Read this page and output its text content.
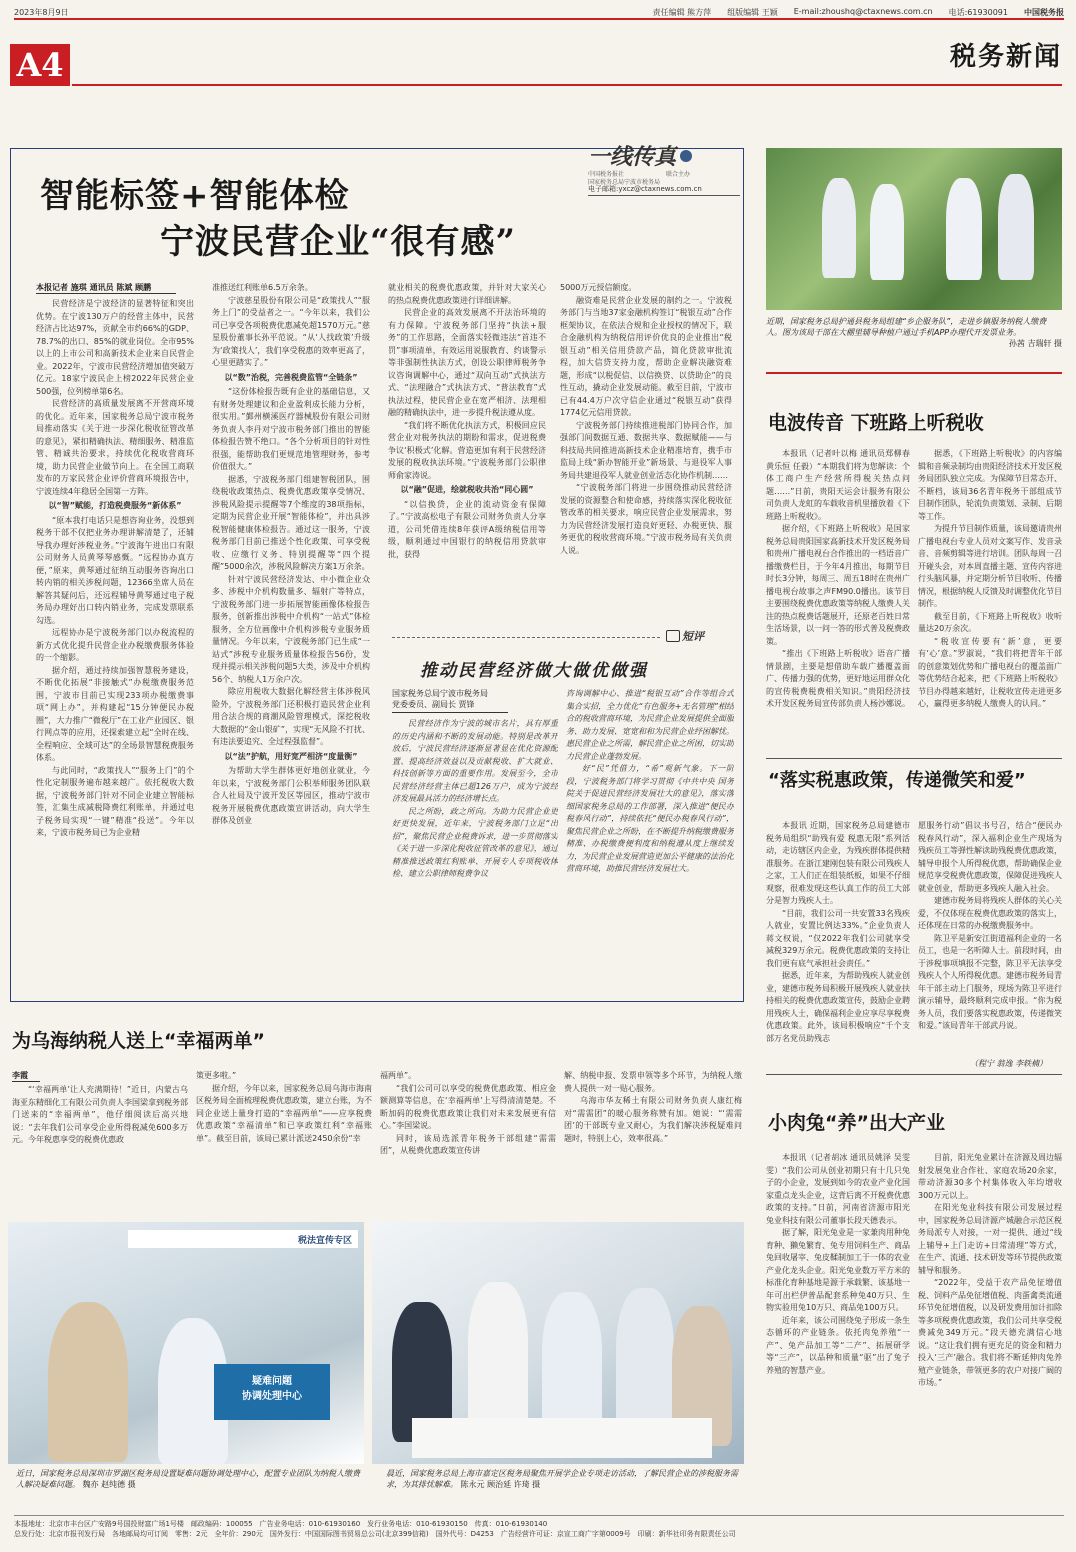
2023年8月9日	责任编辑 熊方萍 组版编辑 王颖 E-mail:zhoushq@ctaxnews.com.cn 电话:61930091 中国税务报
A4	税务新闻
一线传真
中国税务报社
国家税务总局宁波市税务局
联合主办
电子邮箱:yxcz@ctaxnews.com.cn
智能标签+智能体检
宁波民营企业“很有感”
本报记者 施琪 通讯员 陈斌 顾鹏

民营经济是宁波经济的显著特征和突出优势。在宁波130万户的经营主体中，民营经济占比达97%，贡献全市约66%的GDP、78.7%的出口、85%的就业岗位。全市95%以上的上市公司和高新技术企业来自民营企业。2022年，宁波市民营经济增加值突破万亿元。18家宁波民企上榜2022年民营企业500强，位列榜单第6名。

民营经济的高质量发展离不开营商环境的优化。近年来，国家税务总局宁波市税务局推动落实《关于进一步深化税收征管改革的意见》，紧扣精确执法、精细服务、精准监管、精诚共治要求，持续优化税收营商环境，助力民营企业做节向上。在全国工商联发布的万家民营企业评价营商环境报告中，宁波连续4年稳居全国第一方阵。

以“智”赋能，打造税费服务“新体系”

“原本我打电话只是想咨询业务，没想到税务干部不仅把业务办理讲解清楚了，还辅导我办理好涉税业务。”宁波海午进出口有限公司财务人员黄琴琴感慨。“远程协办真方便，”原来，黄琴通过征纳互动服务咨询出口转内销的相关涉税问题，12366坐席人员在解答其疑问后，还远程辅导黄琴通过电子税务局办理好出口转内销业务，完成发票联系勾选。

远程协办是宁波税务部门以办税流程的新方式优化提升民营企业办税缴费服务体验的一个缩影。

据介绍，通过持续加强智慧税务建设，不断优化拓展“非接触式”办税缴费服务范围，宁波市目前已实现233项办税缴费事项“网上办”，并构建起“15分钟便民办税圈”，大力推广“微税厅”在工业产业园区、银行网点等的应用，还探索建立起“全时在线、全程响应、全域可达”的全场景智慧税费服务体系。

与此同时，“政策找人”“服务上门”的个性化定制服务遍布越来越广。依托税收大数据，宁波税务部门针对不同企业建立智能标签，汇集生成减税降费红利账单，并通过电子税务局实现“一键”精准“投送”。今年以来，宁波市税务局已为企业精

准推送红利账单6.5万余条。

宁波慈星股份有限公司是“政策找人”“服务上门”的受益者之一。“今年以来，我们公司已享受各项税费优惠减免超1570万元。”慈星股份董事长孙平范说。“从‘人找政策’升级为‘政策找人’，我们享受税惠的效率更高了，心里更踏实了。”

以“数”治税，完善税费监管“全链条”

“这份体检报告既有企业的基础信息，又有财务处理建议和企业盈利成长能力分析，很实用。”鄞州横溪医疗器械股份有限公司财务负责人李丹对宁波市税务部门推出的智能体检报告赞不绝口。“各个分析项目的针对性很强，能帮助我们更规范地管理财务，参考价值很大。”

据悉，宁波税务部门组建智税团队，围绕税收政策热点、税费优惠政策享受情况、涉税风险提示提醒等7个维度的38项指标，定期为民营企业开展“智能体检”，并出具涉税智能健康体检报告。通过这一服务，宁波税务部门目前已推送个性化政策、可享受税收、应缴行义务、特别提醒等“四个提醒”5000余次，涉税风险解决方案1万余条。

针对宁波民营经济发达、中小微企业众多、涉税中介机构数量多、辐射广等特点，宁波税务部门进一步拓展智能画像体检报告服务，创新推出涉税中介机构“一站式”体检服务，全方位画像中介机构涉税专业服务质量情况。今年以来，宁波税务部门已生成“一站式”涉税专业服务质量体检报告56份，发现并提示相关涉税问题5大类，涉及中介机构56个、纳税人1万余户次。

除应用税收大数据化解经营主体涉税风险外，宁波税务部门还积极打造民营企业利用合法合规的商潮风险管理模式，深挖税收大数据的“金山银矿”，实现“无风险不打扰、有违法要追究、全过程强监督”。

以“法”护航，用好宽严相济“度量衡”

为帮助大学生群体更好地创业就业，今年以来，宁波税务部门公积举师服务团队联合人社局及宁波开发区等园区，推动宁波市税务开展税费优惠政策宣讲活动，向大学生群体及创业

就业相关的税费优惠政策，并针对大家关心的热点税费优惠政策进行详细讲解。

民营企业的高效发展离不开法治环境的有力保障。宁波税务部门坚持“执法+服务”的工作思路，全面落实轻微违法“首违不罚”事项清单，有效运用说服教育、约谈警示等非强制性执法方式，创设公职律师税务争议咨询调解中心，通过“双向互动”式执法方式、“法理融合”式执法方式、“普法教育”式执法过程，使民营企业在宽严相济、法理相融的精确执法中，进一步提升税法遵从度。

“我们将不断优化执法方式，积极回应民营企业对税务执法的期盼和需求，促进税费争议‘积极式’化解。营造更加有利于民营经济发展的税收执法环境。”宁波税务部门公职律师俞家涛说。

以“融”促进，绘就税收共治“同心圆”

“以信换贷，企业的流动资金有保障了。”宁波高松电子有限公司财务负责人分享道，公司凭借连续8年获评A级纳税信用等级，顺利通过中国银行的纳税信用贷款审批，获得

5000万元授信额度。

融资难是民营企业发展的制约之一。宁波税务部门与当地37家金融机构签订“税银互动”合作框架协议，在依法合规和企业授权的情况下，联合金融机构为纳税信用评价优良的企业推出“税银互动”相关信用贷款产品，简化贷款审批流程，加大信贷支持力度，帮助企业解决融资难题，形成“以税促信、以信换贷、以贷助企”的良性互动，撬动企业发展动能。截至目前，宁波市已有44.4万户次守信企业通过“税银互动”获得1774亿元信用贷款。

宁波税务部门持续推进税部门协同合作，加强部门间数据互通、数据共享、数据赋能——与科技局共同推进高新技术企业精准培育，携手市监局上线“新办智能开业”新场景、与退役军人事务局共建退役军人就业创业活态化协作机制……

“宁波税务部门将进一步围绕推动民营经济发展的资源整合和使命感，持续落实深化税收征管改革的相关要求，响应民营企业发展需求，努力为民营经济发展打造良好更轻、办税更快、服务更优的税收营商环境。”宁波市税务局有关负责人说。

短评
推动民营经济做大做优做强
国家税务总局宁波市税务局
党委委员、副局长 贾锋

民营经济作为宁波的城市名片，具有厚重的历史内涵和不断的发展动能。特别是改革开放后，宁波民营经济逐渐显著显在优化资源配置、提高经济效益以及贡献税收、扩大就业、科技创新等方面的重要作用。发展至今，全市民营经济经营主体已超126万户，成为宁波经济发展最具活力的经济增长点。

民之所盼，政之所向。为助力民营企业更好更快发展，近年来，宁波税务部门立足“出招”，聚焦民营企业税费诉求，进一步贯彻落实《关于进一步深化税收征管改革的意见》，通过精准推送政策红利账单、开展专人专项税收体检、建立公职律师税费争议

咨询调解中心、推进“税银互动”合作等组合式集合实招，全力优化“有色服务+无名管理”相结合的税收营商环境，为民营企业发展提供全面服务、助力发展、宽宽和和为民营企业纾困解忧。惠民营企业之所需，解民营企业之所困，切实助力民营企业蓬勃发展。

好“民”凭借力，“希”观新气象。下一阶段，宁波税务部门将学习贯彻《中共中央 国务院关于促进民营经济发展壮大的意见》，落实落细国家税务总局的工作部署，深入推进“便民办税春风行动”，持续依托“便民办税春风行动”，聚焦民营企业之所盼，在不断提升纳税缴费服务精准、办税缴费便利度和纳税遵从度上继续发力，为民营企业发展营造更加公平健康的法治化营商环境，助推民营经济发展壮大。

近期，国家税务总局护通县税务局组建“乡企服务队”，走进乡镇服务纳税人缴费人。图为该局干部在大棚里辅导种植户通过手机APP办理代开发票业务。
孙茜 吉瑞轩 摄
电波传音 下班路上听税收

本报讯（记者叶以梅 通讯员郑柳春 黄乐恒 任毅）“本期我们将为您解读：个体工商户生产经营所得税关热点问题……”日前，贵阳天运会计服务有限公司负责人龙虹的车载收音机里播放着《下班路上听税收》。

据介绍，《下班路上听税收》是国家税务总局贵阳国家高新技术开发区税务局和贵州广播电视台合作推出的一档语音广播缴费栏目，于今年4月推出，每期节目时长3分钟，每周三、周五18时在贵州广播电视台故事之声FM90.0播出。该节目主要围绕税费优惠政策等纳税人缴费人关注的热点税费话题展开，还原老百姓日常生活场景，以一问一答的形式普及税费政策。

“推出《下班路上听税收》语音广播情景剧，主要是想借助车载广播覆盖面广、传播力强的优势，更好地运用群众化的宣传税费税费相关知识。”贵阳经济技术开发区税务局宣传部负责人杨沙娜说。

据悉，《下班路上听税收》的内容编辑和音频录制均由贵阳经济技术开发区税务局团队独立完成。为保障节目常态开、不断档，该局36名青年税务干部组成节目制作团队，轮流负责策划、录制、后期等工作。

为提升节目制作质量，该局邀请贵州广播电视台专业人员对文案写作、发音录音、音频剪辑等进行培训。团队每周一召开碰头会，对本周直播主题、宣传内容进行头脑风暴，并定期分析节目收听、传播情况，根据纳税人反馈及时调整优化节目制作。

截至目前，《下班路上听税收》收听量达20万余次。

“税收宣传要有‘新’意，更要有‘心’意。”罗淑说，“我们将把青年干部的创意策划优势和广播电视台的覆盖面广等优势结合起来，把《下班路上听税收》节目办得越来越好，让税收宣传走进更多心，赢得更多纳税人缴费人的认同。”

“落实税惠政策，传递微笑和爱”

本报讯 近期，国家税务总局建德市税务局组织“助残有爱 税惠无限”系列活动，走访辖区内企业，为残疾群体提供精准服务。在浙江建刚包装有限公司残疾人之家，工人们正在组装纸板，如果不仔细观察，很难发现这些认真工作的员工大部分是智力残疾人士。

“目前，我们公司一共安置33名残疾人就业，安置比例达33%。”企业负责人蒋文权说，“仅2022年我们公司就享受减税329万余元。税费优惠政策的支持让我们更有底气承担社会责任。”

据悉，近年来，为帮助残疾人就业创业，建德市税务局积极开展残疾人就业扶持相关的税费优惠政策宣传，鼓励企业聘用残疾人士，确保福利企业应享尽享税费优惠政策。此外，该局积极响应“千个支部万名党员助残志

愿服务行动”倡议书号召，结合“便民办税春风行动”，深入福利企业生产现场为残疾员工等弹性解读助残税费优惠政策，辅导申报个人所得税优惠，帮助确保企业规范享受税费优惠政策，保障促进残疾人就业创业，帮助更多残疾人融入社会。

建德市税务局将残疾人群体的关心关爱，不仅体现在税费优惠政策的落实上，还体现在日常的办税缴费服务中。

陈卫平是新安江街道福利企业的一名员工，也是一名听障人士。前段时间，由于涉税事项填报不完整，陈卫平无法享受残疾人个人所得税优惠。建德市税务局青年干部主动上门服务，现场为陈卫平进行演示辅导，最终顺利完成申报。“你为税务人员，我们要落实税惠政策，传递微笑和爱。”该局青年干部武丹说。

（程宁 翁逸 李轶楠）
小肉兔“养”出大产业

本报讯（记者胡冰 通讯员姚泽 吴雯雯）“我们公司从创业初期只有十几只兔子的小企业，发展到如今的农业产业化国家重点龙头企业，这背后离不开税费优惠政策的支持。”日前，河南省济源市阳光兔业科技有限公司董事长段天德表示。

据了解，阳光兔业是一家兼肉用种兔育种、獭兔繁育、兔专用饲料生产、商品兔回收屠宰、兔皮鞣制加工于一体的农业产业化龙头企业。阳光兔业数万平方米的标准化育种基地是源于承载繁、该基地一年可出栏伊普品配套系种兔40万只、生物实验用兔10万只、商品兔100万只。

近年来，该公司围绕兔子形成一条生态循环的产业链条。依托肉兔养殖“一产”、兔产品加工等“二产”、拓展研学等“三产”，以品种和质量“驱”出了兔子养殖的智慧产业。

目前，阳光兔业累计在济源及周边辐射发展兔业合作社、家庭农场20余家，带动济源30多个村集体收入年均增收300万元以上。

在阳光兔业科技有限公司发展过程中，国家税务总局济源产城融合示范区税务局派专人对接，一对一提供、通过“线上辅导+上门走访+日常清理”等方式，在生产、流通、技术研发等环节提供政策辅导和服务。

“2022年，受益于农产品免征增值税、饲料产品免征增值税、肉蛋禽类流通环节免征增值税，以及研发费用加计扣除等多项税费优惠政策，我们公司共享受税费减免349万元。”段天德充满信心地说。“这让我们拥有更充足的资金和精力投入‘三产’融合。我们将不断延伸肉兔养殖产业链条，带领更多的农户对接广阔的市场。”

为乌海纳税人送上“幸福两单”
李霞

“‘幸福两单’让人充满期待！”近日，内蒙古乌海亚东精细化工有限公司负责人李国梁拿到税务部门送来的“幸福两单”，他仔细阅读后高兴地说：“去年我们公司享受企业所得税减免600多万元。今年税惠享受的税费优惠政

策更多啦。”

据介绍，今年以来，国家税务总局乌海市海南区税务局全面梳理税费优惠政策，建立台账，为不同企业送上量身打造的“幸福两单”——应享税费优惠政策“幸福清单”和已享政策红利“幸福账单”。截至目前，该局已累计派送2450余份“幸

福两单”。

“我们公司可以享受的税费优惠政策、相应金额测算等信息，在‘幸福两单’上写得清清楚楚。不断加码的税费优惠政策让我们对未来发展更有信心。”李国梁说。

同时，该局选派青年税务干部组建“需需团”，从税费优惠政策宣传讲

解、纳税申报、发票申领等多个环节，为纳税人缴费人提供一对一贴心服务。

乌海市华友稀土有限公司财务负责人康红梅对“需需团”的暖心服务称赞有加。她说：“‘需需团’的干部既专业又耐心，为我们解决涉税疑难问题时，特别上心，效率很高。”

税法宣传专区
疑难问题
协调处理中心
近日，国家税务总局深圳市罗湖区税务局设置疑难问题协调处理中心，配置专业团队为纳税人缴费人解决疑难问题。 魏亦 赵纯德 摄
晨近，国家税务总局上海市嘉定区税务局聚焦开展学企业专项走访活动，了解民营企业的涉税服务需求，为其排忧解难。 陈永元 顾治延 许琦 摄
本报地址：北京市丰台区广安路9号国投财富广场1号楼　邮政编码：100055　广告业务电话：010-61930160　发行业务电话：010-61930150　传真：010-61930140
总发行处：北京市报刊发行局　各地邮局均可订阅　零售：2元　全年价：290元　国外发行：中国国际图书贸易总公司(北京399信箱)　国外代号：D4253　广告经营许可证：京宣工商广字第0009号　印刷：新华社印务有限责任公司
